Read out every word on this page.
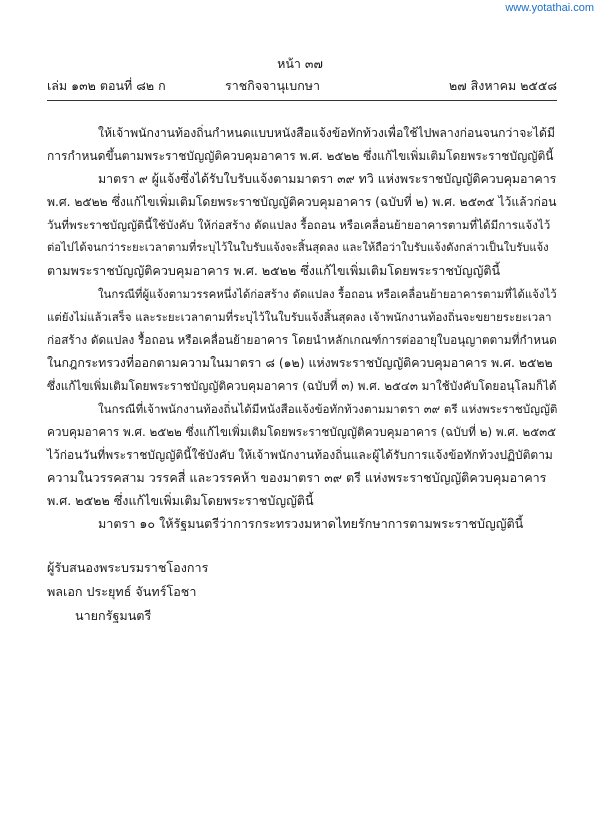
www.yotathai.com
หน้า ๓๗
เล่ม ๑๓๒ ตอนที่ ๘๒ ก	ราชกิจจานุเบกษา	๒๗ สิงหาคม ๒๕๕๘
ให้เจ้าพนักงานท้องถิ่นกำหนดแบบหนังสือแจ้งข้อทักท้วงเพื่อใช้ไปพลางก่อนจนกว่าจะได้มี
การกำหนดขึ้นตามพระราชบัญญัติควบคุมอาคาร พ.ศ. ๒๕๒๒ ซึ่งแก้ไขเพิ่มเติมโดยพระราชบัญญัตินี้
มาตรา ๙ ผู้แจ้งซึ่งได้รับใบรับแจ้งตามมาตรา ๓๙ ทวิ แห่งพระราชบัญญัติควบคุมอาคาร
พ.ศ. ๒๕๒๒ ซึ่งแก้ไขเพิ่มเติมโดยพระราชบัญญัติควบคุมอาคาร (ฉบับที่ ๒) พ.ศ. ๒๕๓๕ ไว้แล้วก่อน
วันที่พระราชบัญญัตินี้ใช้บังคับ ให้ก่อสร้าง ดัดแปลง รื้อถอน หรือเคลื่อนย้ายอาคารตามที่ได้มีการแจ้งไว้
ต่อไปได้จนกว่าระยะเวลาตามที่ระบุไว้ในใบรับแจ้งจะสิ้นสุดลง และให้ถือว่าใบรับแจ้งดังกล่าวเป็นใบรับแจ้ง
ตามพระราชบัญญัติควบคุมอาคาร พ.ศ. ๒๕๒๒ ซึ่งแก้ไขเพิ่มเติมโดยพระราชบัญญัตินี้
ในกรณีที่ผู้แจ้งตามวรรคหนึ่งได้ก่อสร้าง ดัดแปลง รื้อถอน หรือเคลื่อนย้ายอาคารตามที่ได้แจ้งไว้
แต่ยังไม่แล้วเสร็จ และระยะเวลาตามที่ระบุไว้ในใบรับแจ้งสิ้นสุดลง เจ้าพนักงานท้องถิ่นจะขยายระยะเวลา
ก่อสร้าง ดัดแปลง รื้อถอน หรือเคลื่อนย้ายอาคาร โดยนำหลักเกณฑ์การต่ออายุใบอนุญาตตามที่กำหนด
ในกฎกระทรวงที่ออกตามความในมาตรา ๘ (๑๒) แห่งพระราชบัญญัติควบคุมอาคาร พ.ศ. ๒๕๒๒
ซึ่งแก้ไขเพิ่มเติมโดยพระราชบัญญัติควบคุมอาคาร (ฉบับที่ ๓) พ.ศ. ๒๕๔๓ มาใช้บังคับโดยอนุโลมก็ได้
ในกรณีที่เจ้าพนักงานท้องถิ่นได้มีหนังสือแจ้งข้อทักท้วงตามมาตรา ๓๙ ตรี แห่งพระราชบัญญัติ
ควบคุมอาคาร พ.ศ. ๒๕๒๒ ซึ่งแก้ไขเพิ่มเติมโดยพระราชบัญญัติควบคุมอาคาร (ฉบับที่ ๒) พ.ศ. ๒๕๓๕
ไว้ก่อนวันที่พระราชบัญญัตินี้ใช้บังคับ ให้เจ้าพนักงานท้องถิ่นและผู้ได้รับการแจ้งข้อทักท้วงปฏิบัติตาม
ความในวรรคสาม วรรคสี่ และวรรคห้า ของมาตรา ๓๙ ตรี แห่งพระราชบัญญัติควบคุมอาคาร
พ.ศ. ๒๕๒๒ ซึ่งแก้ไขเพิ่มเติมโดยพระราชบัญญัตินี้
มาตรา ๑๐ ให้รัฐมนตรีว่าการกระทรวงมหาดไทยรักษาการตามพระราชบัญญัตินี้
ผู้รับสนองพระบรมราชโองการ
พลเอก ประยุทธ์ จันทร์โอชา
นายกรัฐมนตรี
